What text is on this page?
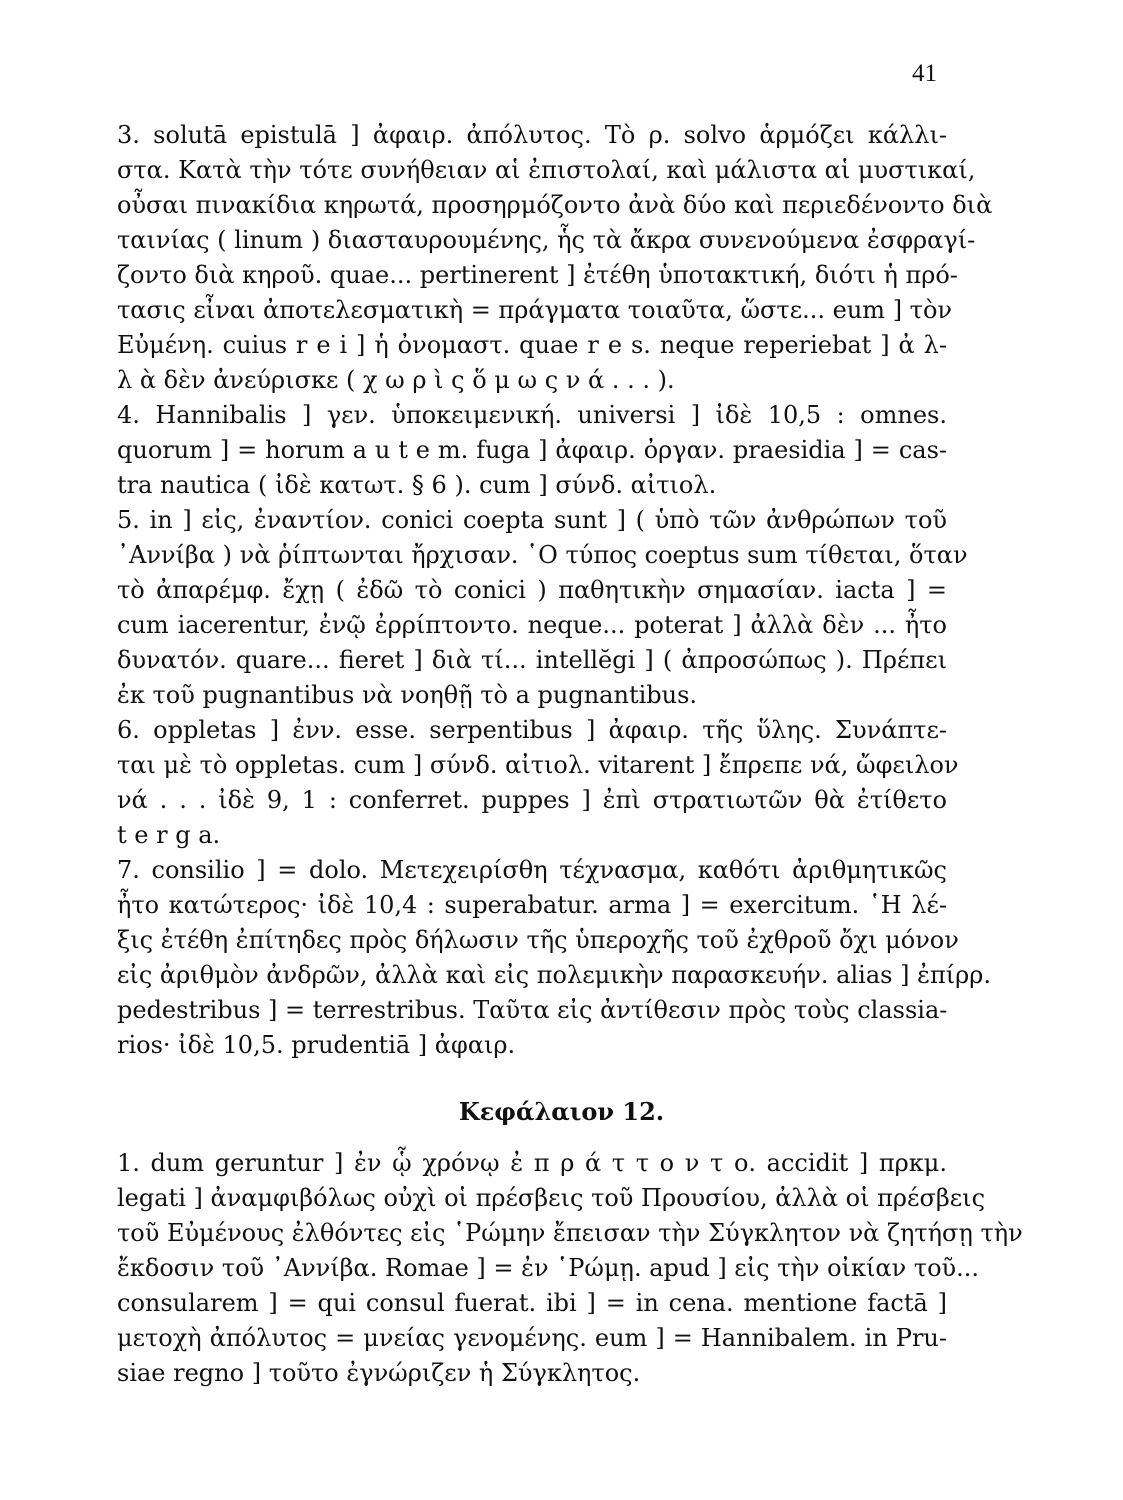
41
3. solutā epistulā ] ἀφαιρ. ἀπόλυτος. Τὸ ρ. solvo ἁρμόζει κάλλι-
στα. Κατὰ τὴν τότε συνήθειαν αἱ ἐπιστολαί, καὶ μάλιστα αἱ μυστικαί,
οὖσαι πινακίδια κηρωτά, προσηρμόζοντο ἀνὰ δύο καὶ περιεδένοντο διὰ
ταινίας ( linum ) διασταυρουμένης, ἧς τὰ ἄκρα συνενούμενα ἐσφραγί-
ζοντο διὰ κηροῦ. quae... pertinerent ] ἐτέθη ὑποτακτική, διότι ἡ πρό-
τασις εἶναι ἀποτελεσματικὴ = πράγματα τοιαῦτα, ὥστε... eum ] τὸν
Εὐμένη. cuius r e i ] ἡ ὀνομαστ. quae r e s. neque reperiebat ] ἀ λ-
λ ὰ δὲν ἀνεύρισκε ( χ ω ρ ὶ ς ὅ μ ω ς ν ά . . . ).
4. Hannibalis ] γεν. ὑποκειμενική. universi ] ἰδὲ 10,5 : omnes.
quorum ] = horum a u t e m. fuga ] ἀφαιρ. ὀργαν. praesidia ] = cas-
tra nautica ( ἰδὲ κατωτ. § 6 ). cum ] σύνδ. αἰτιολ.
5. in ] εἰς, ἐναντίον. conici coepta sunt ] ( ὑπὸ τῶν ἀνθρώπων τοῦ
᾿Αννίβα ) νὰ ῥίπτωνται ἤρχισαν. ῾Ο τύπος coeptus sum τίθεται, ὅταν
τὸ ἀπαρέμφ. ἔχῃ ( ἐδῶ τὸ conici ) παθητικὴν σημασίαν. iacta ] =
cum iacerentur, ἐνῷ ἐρρίπτοντο. neque... poterat ] ἀλλὰ δὲν ... ἦτο
δυνατόν. quare... fieret ] διὰ τί... intellĕgi ] ( ἀπροσώπως ). Πρέπει
ἐκ τοῦ pugnantibus νὰ νοηθῇ τὸ a pugnantibus.
6. oppletas ] ἐνν. esse. serpentibus ] ἀφαιρ. τῆς ὕλης. Συνάπτε-
ται μὲ τὸ oppletas. cum ] σύνδ. αἰτιολ. vitarent ] ἔπρεπε νά, ὤφειλον
νά . . . ἰδὲ 9, 1 : conferret. puppes ] ἐπὶ στρατιωτῶν θὰ ἐτίθετο
t e r g a.
7. consilio ] = dolo. Μετεχειρίσθη τέχνασμα, καθότι ἀριθμητικῶς
ἦτο κατώτερος· ἰδὲ 10,4 : superabatur. arma ] = exercitum. ῾Η λέ-
ξις ἐτέθη ἐπίτηδες πρὸς δήλωσιν τῆς ὑπεροχῆς τοῦ ἐχθροῦ ὄχι μόνον
εἰς ἀριθμὸν ἀνδρῶν, ἀλλὰ καὶ εἰς πολεμικὴν παρασκευήν. alias ] ἐπίρρ.
pedestribus ] = terrestribus. Ταῦτα εἰς ἀντίθεσιν πρὸς τοὺς classia-
rios· ἰδὲ 10,5. prudentiā ] ἀφαιρ.
Κεφάλαιον 12.
1. dum geruntur ] ἐν ᾧ χρόνῳ ἐ π ρ ά τ τ ο ν τ ο. accidit ] πρκμ.
legati ] ἀναμφιβόλως οὐχὶ οἱ πρέσβεις τοῦ Προυσίου, ἀλλὰ οἱ πρέσβεις
τοῦ Εὐμένους ἐλθόντες εἰς ῾Ρώμην ἔπεισαν τὴν Σύγκλητον νὰ ζητήσῃ τὴν
ἔκδοσιν τοῦ ᾿Αννίβα. Romae ] = ἐν ῾Ρώμῃ. apud ] εἰς τὴν οἰκίαν τοῦ...
consularem ] = qui consul fuerat. ibi ] = in cena. mentione factā ]
μετοχὴ ἀπόλυτος = μνείας γενομένης. eum ] = Hannibalem. in Pru-
siae regno ] τοῦτο ἐγνώριζεν ἡ Σύγκλητος.
